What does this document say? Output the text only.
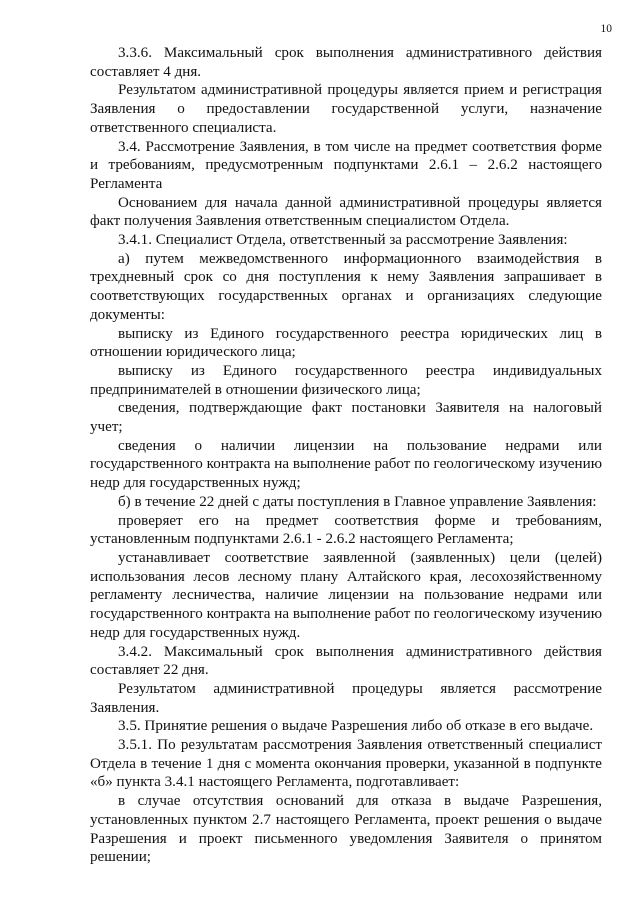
10

3.3.6. Максимальный срок выполнения административного действия составляет 4 дня.

Результатом административной процедуры является прием и регистрация Заявления о предоставлении государственной услуги, назначение ответственного специалиста.

3.4. Рассмотрение Заявления, в том числе на предмет соответствия форме и требованиям, предусмотренным подпунктами 2.6.1 – 2.6.2 настоящего Регламента

Основанием для начала данной административной процедуры является факт получения Заявления ответственным специалистом Отдела.

3.4.1. Специалист Отдела, ответственный за рассмотрение Заявления:

а) путем межведомственного информационного взаимодействия в трехдневный срок со дня поступления к нему Заявления запрашивает в соответствующих государственных органах и организациях следующие документы:

выписку из Единого государственного реестра юридических лиц в отношении юридического лица;

выписку из Единого государственного реестра индивидуальных предпринимателей в отношении физического лица;

сведения, подтверждающие факт постановки Заявителя на налоговый учет;

сведения о наличии лицензии на пользование недрами или государственного контракта на выполнение работ по геологическому изучению недр для государственных нужд;

б) в течение 22 дней с даты поступления в Главное управление Заявления:

проверяет его на предмет соответствия форме и требованиям, установленным подпунктами 2.6.1 - 2.6.2 настоящего Регламента;

устанавливает соответствие заявленной (заявленных) цели (целей) использования лесов лесному плану Алтайского края, лесохозяйственному регламенту лесничества, наличие лицензии на пользование недрами или государственного контракта на выполнение работ по геологическому изучению недр для государственных нужд.

3.4.2. Максимальный срок выполнения административного действия составляет 22 дня.

Результатом административной процедуры является рассмотрение Заявления.

3.5. Принятие решения о выдаче Разрешения либо об отказе в его выдаче.

3.5.1. По результатам рассмотрения Заявления ответственный специалист Отдела в течение 1 дня с момента окончания проверки, указанной в подпункте «б» пункта 3.4.1 настоящего Регламента, подготавливает:

в случае отсутствия оснований для отказа в выдаче Разрешения, установленных пунктом 2.7 настоящего Регламента, проект решения о выдаче Разрешения и проект письменного уведомления Заявителя о принятом решении;
